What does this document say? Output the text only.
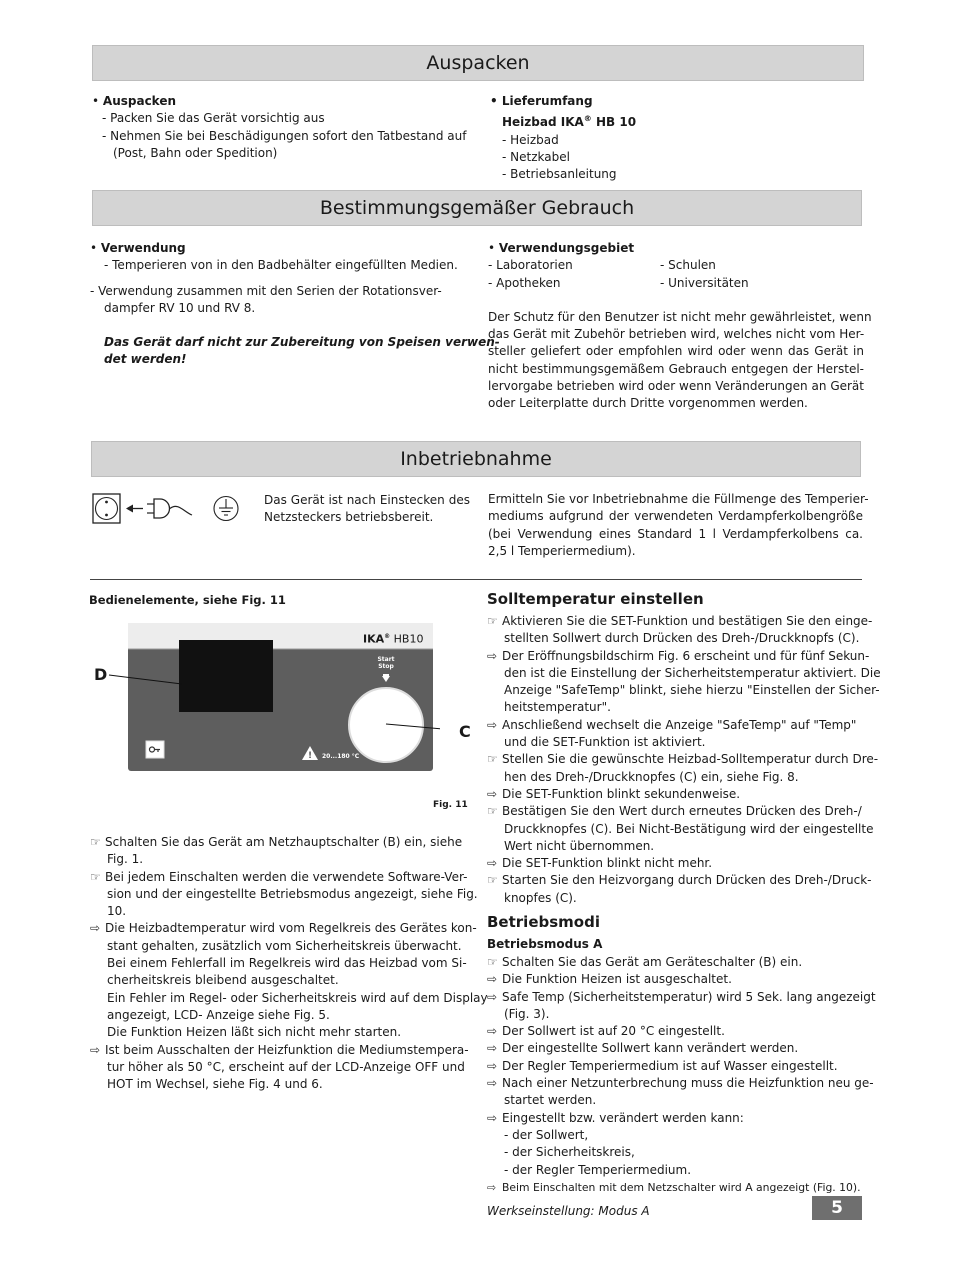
Auspacken
• Auspacken
- Packen Sie das Gerät vorsichtig aus
- Nehmen Sie bei Beschädigungen sofort den Tatbestand auf
(Post, Bahn oder Spedition)
• Lieferumfang
Heizbad IKA® HB 10
- Heizbad
- Netzkabel
- Betriebsanleitung
Bestimmungsgemäßer Gebrauch
• Verwendung
- Temperieren von in den Badbehälter eingefüllten Medien.
- Verwendung zusammen mit den Serien der Rotationsver-
dampfer RV 10 und RV 8.
Das Gerät darf nicht zur Zubereitung von Speisen verwen-
det werden!
• Verwendungsgebiet
- Laboratorien
- Apotheken
- Schulen
- Universitäten
Der Schutz für den Benutzer ist nicht mehr gewährleistet, wenn
das Gerät mit Zubehör betrieben wird, welches nicht vom Her-
steller geliefert oder empfohlen wird oder wenn das Gerät in
nicht bestimmungsgemäßem Gebrauch entgegen der Herstel-
lervorgabe betrieben wird oder wenn Veränderungen an Gerät
oder Leiterplatte durch Dritte vorgenommen werden.
Inbetriebnahme
Das Gerät ist nach Einstecken des
Netzsteckers betriebsbereit.
Ermitteln Sie vor Inbetriebnahme die Füllmenge des Temperier-
mediums aufgrund der verwendeten Verdampferkolbengröße
(bei Verwendung eines Standard 1 l Verdampferkolbens ca.
2,5 l Temperiermedium).
Bedienelemente, siehe Fig. 11
!
IKA® HB10
Start
Stop
20...180 °C
D
C
Fig. 11
☞ Schalten Sie das Gerät am Netzhauptschalter (B) ein, siehe
Fig. 1.
☞ Bei jedem Einschalten werden die verwendete Software-Ver-
sion und der eingestellte Betriebsmodus angezeigt, siehe Fig.
10.
⇨ Die Heizbadtemperatur wird vom Regelkreis des Gerätes kon-
stant gehalten, zusätzlich vom Sicherheitskreis überwacht.
Bei einem Fehlerfall im Regelkreis wird das Heizbad vom Si-
cherheitskreis bleibend ausgeschaltet.
Ein Fehler im Regel- oder Sicherheitskreis wird auf dem Display
angezeigt, LCD- Anzeige siehe Fig. 5.
Die Funktion Heizen läßt sich nicht mehr starten.
⇨ Ist beim Ausschalten der Heizfunktion die Mediumstempera-
tur höher als 50 °C, erscheint auf der LCD-Anzeige OFF und
HOT im Wechsel, siehe Fig. 4 und 6.
Solltemperatur einstellen
☞ Aktivieren Sie die SET-Funktion und bestätigen Sie den einge-
stellten Sollwert durch Drücken des Dreh-/Druckknopfs (C).
⇨ Der Eröffnungsbildschirm Fig. 6 erscheint und für fünf Sekun-
den ist die Einstellung der Sicherheitstemperatur aktiviert. Die
Anzeige "SafeTemp" blinkt, siehe hierzu "Einstellen der Sicher-
heitstemperatur".
⇨ Anschließend wechselt die Anzeige "SafeTemp" auf "Temp"
und die SET-Funktion ist aktiviert.
☞ Stellen Sie die gewünschte Heizbad-Solltemperatur durch Dre-
hen des Dreh-/Druckknopfes (C) ein, siehe Fig. 8.
⇨ Die SET-Funktion blinkt sekundenweise.
☞ Bestätigen Sie den Wert durch erneutes Drücken des Dreh-/
Druckknopfes (C). Bei Nicht-Bestätigung wird der eingestellte
Wert nicht übernommen.
⇨ Die SET-Funktion blinkt nicht mehr.
☞ Starten Sie den Heizvorgang durch Drücken des Dreh-/Druck-
knopfes (C).
Betriebsmodi
Betriebsmodus A
☞ Schalten Sie das Gerät am Geräteschalter (B) ein.
⇨ Die Funktion Heizen ist ausgeschaltet.
⇨ Safe Temp (Sicherheitstemperatur) wird 5 Sek. lang angezeigt
(Fig. 3).
⇨ Der Sollwert ist auf 20 °C eingestellt.
⇨ Der eingestellte Sollwert kann verändert werden.
⇨ Der Regler Temperiermedium ist auf Wasser eingestellt.
⇨ Nach einer Netzunterbrechung muss die Heizfunktion neu ge-
startet werden.
⇨ Eingestellt bzw. verändert werden kann:
- der Sollwert,
- der Sicherheitskreis,
- der Regler Temperiermedium.
⇨ Beim Einschalten mit dem Netzschalter wird A angezeigt (Fig. 10).
Werkseinstellung: Modus A	5
